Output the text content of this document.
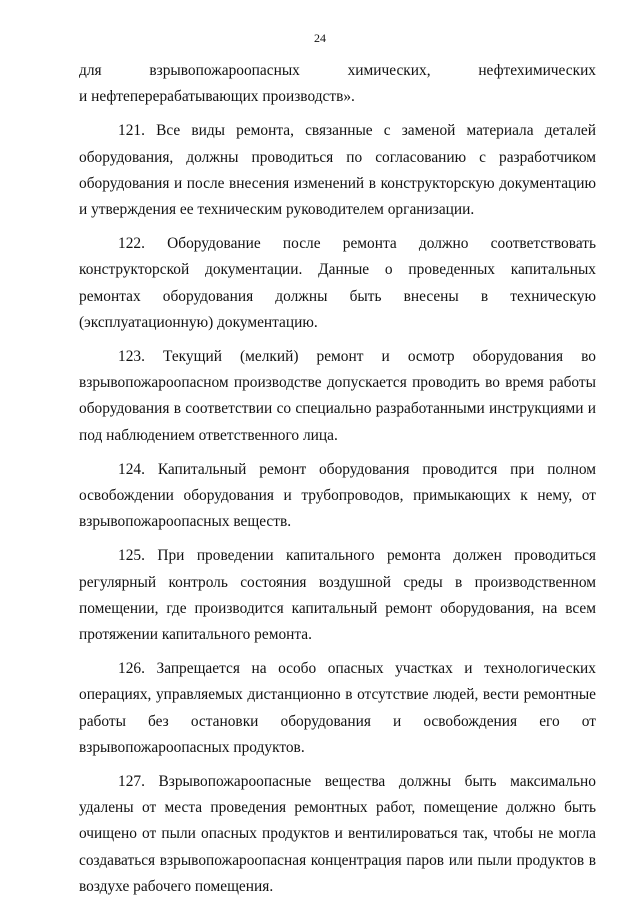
24
для	взрывопожароопасных	химических,	нефтехимических
и нефтеперерабатывающих производств».

121. Все виды ремонта, связанные с заменой материала деталей оборудования, должны проводиться по согласованию с разработчиком оборудования и после внесения изменений в конструкторскую документацию и утверждения ее техническим руководителем организации.

122. Оборудование после ремонта должно соответствовать конструкторской документации. Данные о проведенных капитальных ремонтах оборудования должны быть внесены в техническую (эксплуатационную) документацию.

123. Текущий (мелкий) ремонт и осмотр оборудования во взрывопожароопасном производстве допускается проводить во время работы оборудования в соответствии со специально разработанными инструкциями и под наблюдением ответственного лица.

124. Капитальный ремонт оборудования проводится при полном освобождении оборудования и трубопроводов, примыкающих к нему, от взрывопожароопасных веществ.

125. При проведении капитального ремонта должен проводиться регулярный контроль состояния воздушной среды в производственном помещении, где производится капитальный ремонт оборудования, на всем протяжении капитального ремонта.

126. Запрещается на особо опасных участках и технологических операциях, управляемых дистанционно в отсутствие людей, вести ремонтные работы без остановки оборудования и освобождения его от взрывопожароопасных продуктов.

127. Взрывопожароопасные вещества должны быть максимально удалены от места проведения ремонтных работ, помещение должно быть очищено от пыли опасных продуктов и вентилироваться так, чтобы не могла создаваться взрывопожароопасная концентрация паров или пыли продуктов в воздухе рабочего помещения.
